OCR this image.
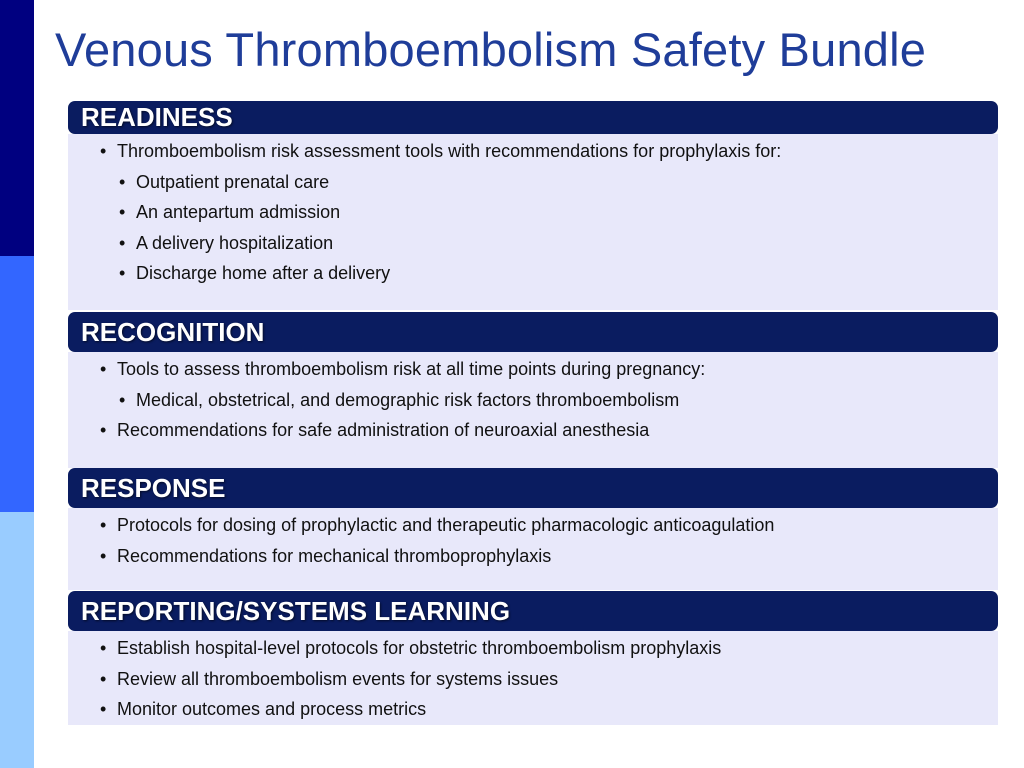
Venous Thromboembolism Safety Bundle
READINESS
• Thromboembolism risk assessment tools with recommendations for prophylaxis for:
• Outpatient prenatal care
• An antepartum admission
• A delivery hospitalization
• Discharge home after a delivery
RECOGNITION
• Tools to assess thromboembolism risk at all time points during pregnancy:
• Medical, obstetrical, and demographic risk factors thromboembolism
• Recommendations for safe administration of neuroaxial anesthesia
RESPONSE
• Protocols for dosing of prophylactic and therapeutic pharmacologic anticoagulation
• Recommendations for mechanical thromboprophylaxis
REPORTING/SYSTEMS LEARNING
• Establish hospital-level protocols for obstetric thromboembolism prophylaxis
• Review all thromboembolism events for systems issues
• Monitor outcomes and process metrics
